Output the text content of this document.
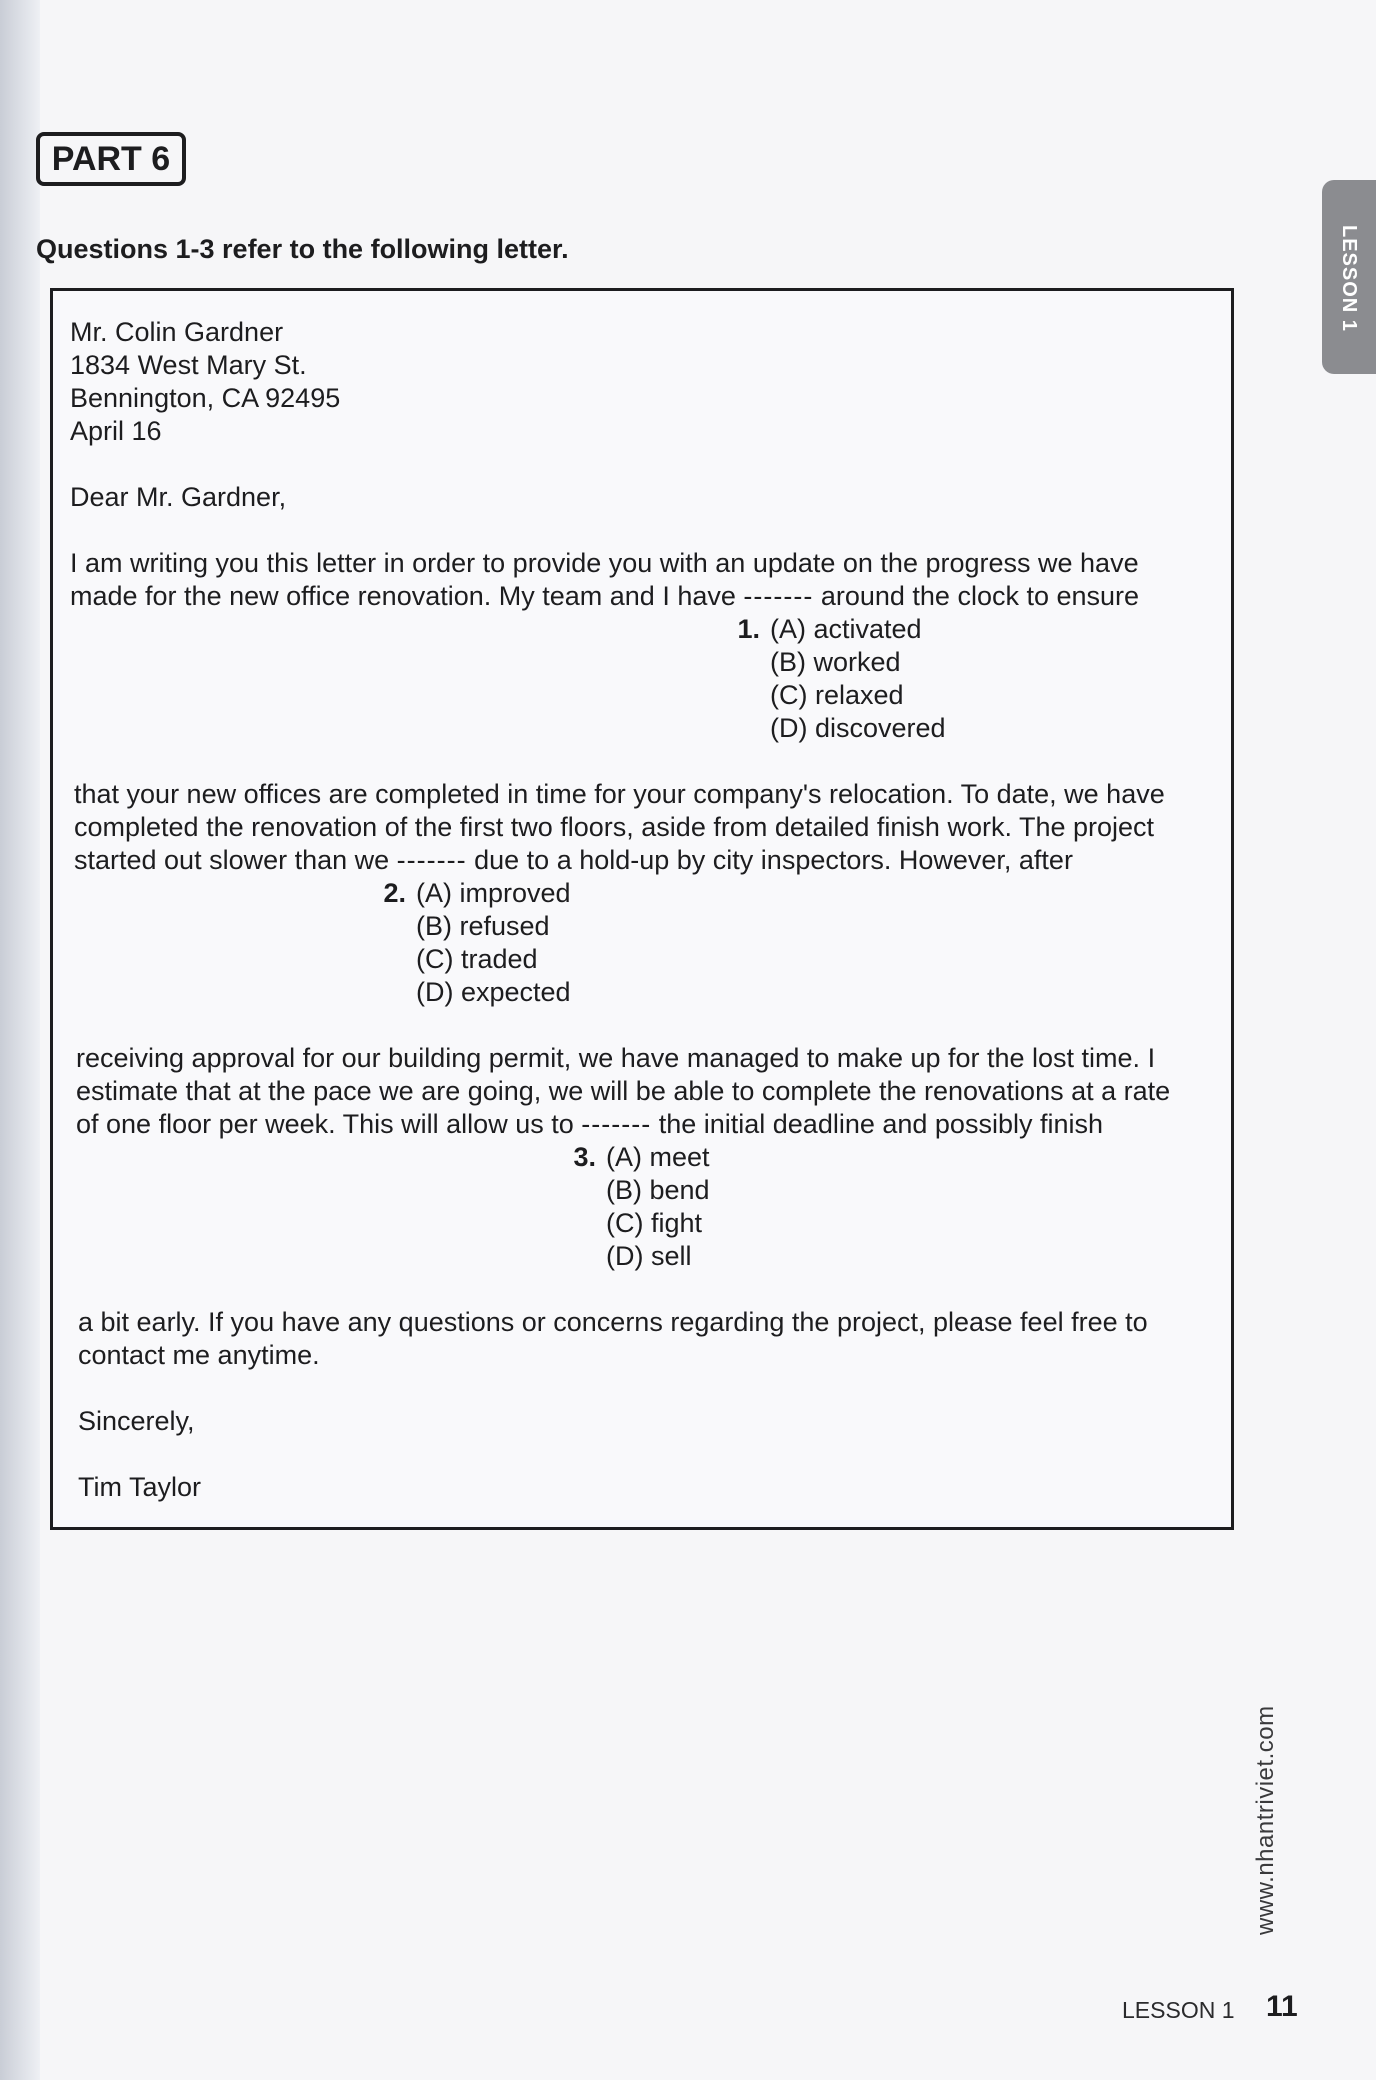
PART 6
Questions 1-3 refer to the following letter.	LESSON 1
Mr. Colin Gardner
1834 West Mary St.
Bennington, CA 92495
April 16
Dear Mr. Gardner,
I am writing you this letter in order to provide you with an update on the progress we have
made for the new office renovation. My team and I have ------- around the clock to ensure
1. (A) activated
(B) worked
(C) relaxed
(D) discovered
that your new offices are completed in time for your company's relocation. To date, we have
completed the renovation of the first two floors, aside from detailed finish work. The project
started out slower than we ------- due to a hold-up by city inspectors. However, after
2. (A) improved
(B) refused
(C) traded
(D) expected
receiving approval for our building permit, we have managed to make up for the lost time. I
estimate that at the pace we are going, we will be able to complete the renovations at a rate
of one floor per week. This will allow us to ------- the initial deadline and possibly finish
3. (A) meet
(B) bend
(C) fight
(D) sell
a bit early. If you have any questions or concerns regarding the project, please feel free to
contact me anytime.
Sincerely,
Tim Taylor
www.nhantriviet.com
LESSON 1 11
